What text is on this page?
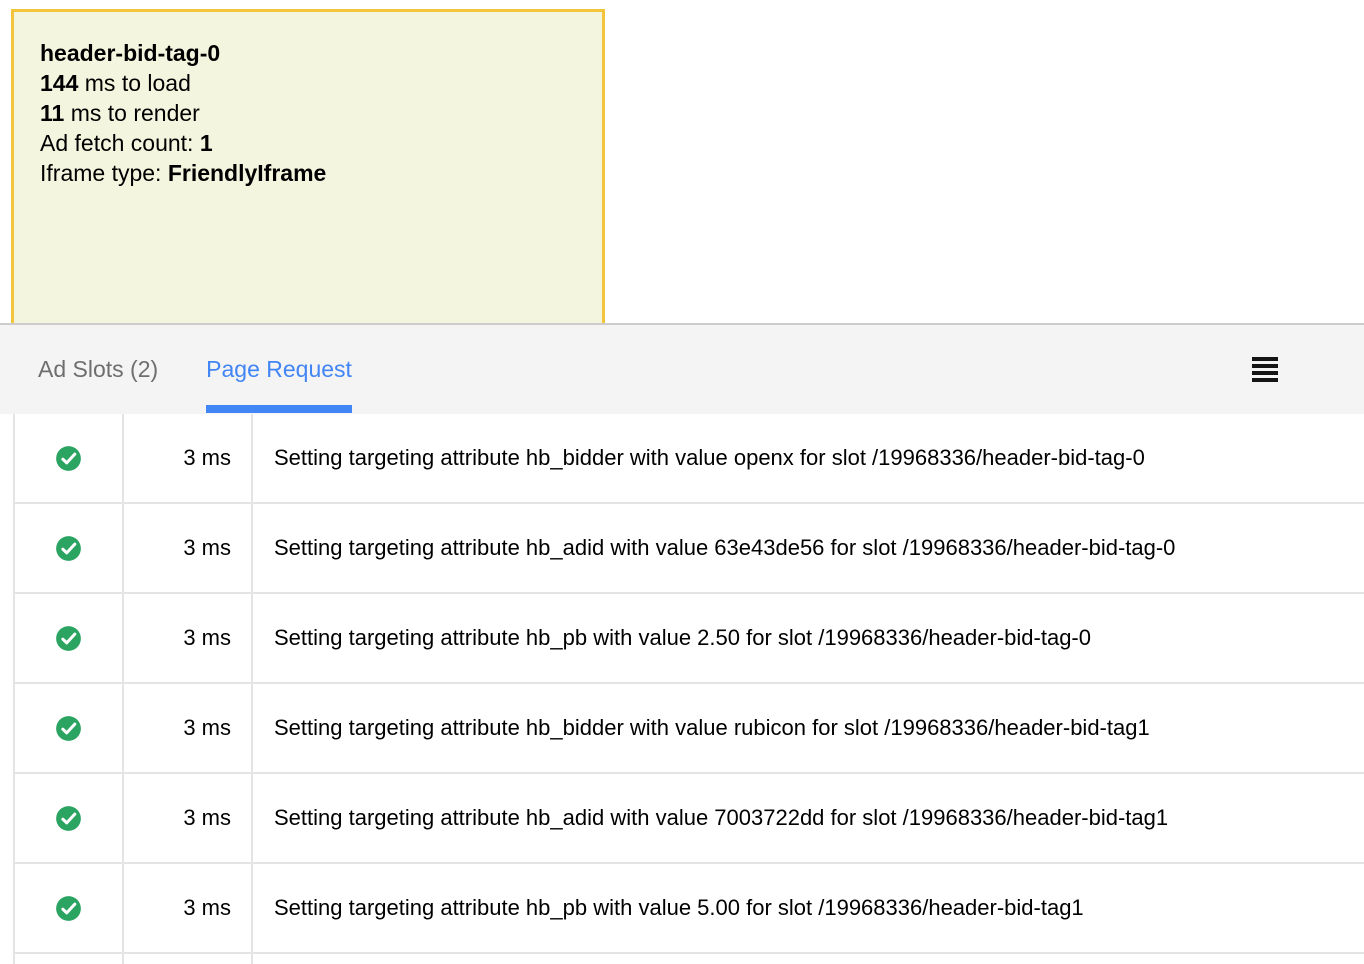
header-bid-tag-0
144 ms to load
11 ms to render
Ad fetch count: 1
Iframe type: FriendlyIframe
Ad Slots (2) Page Request
3 ms	Setting targeting attribute hb_bidder with value openx for slot /19968336/header-bid-tag-0
3 ms	Setting targeting attribute hb_adid with value 63e43de56 for slot /19968336/header-bid-tag-0
3 ms	Setting targeting attribute hb_pb with value 2.50 for slot /19968336/header-bid-tag-0
3 ms	Setting targeting attribute hb_bidder with value rubicon for slot /19968336/header-bid-tag1
3 ms	Setting targeting attribute hb_adid with value 7003722dd for slot /19968336/header-bid-tag1
3 ms	Setting targeting attribute hb_pb with value 5.00 for slot /19968336/header-bid-tag1
